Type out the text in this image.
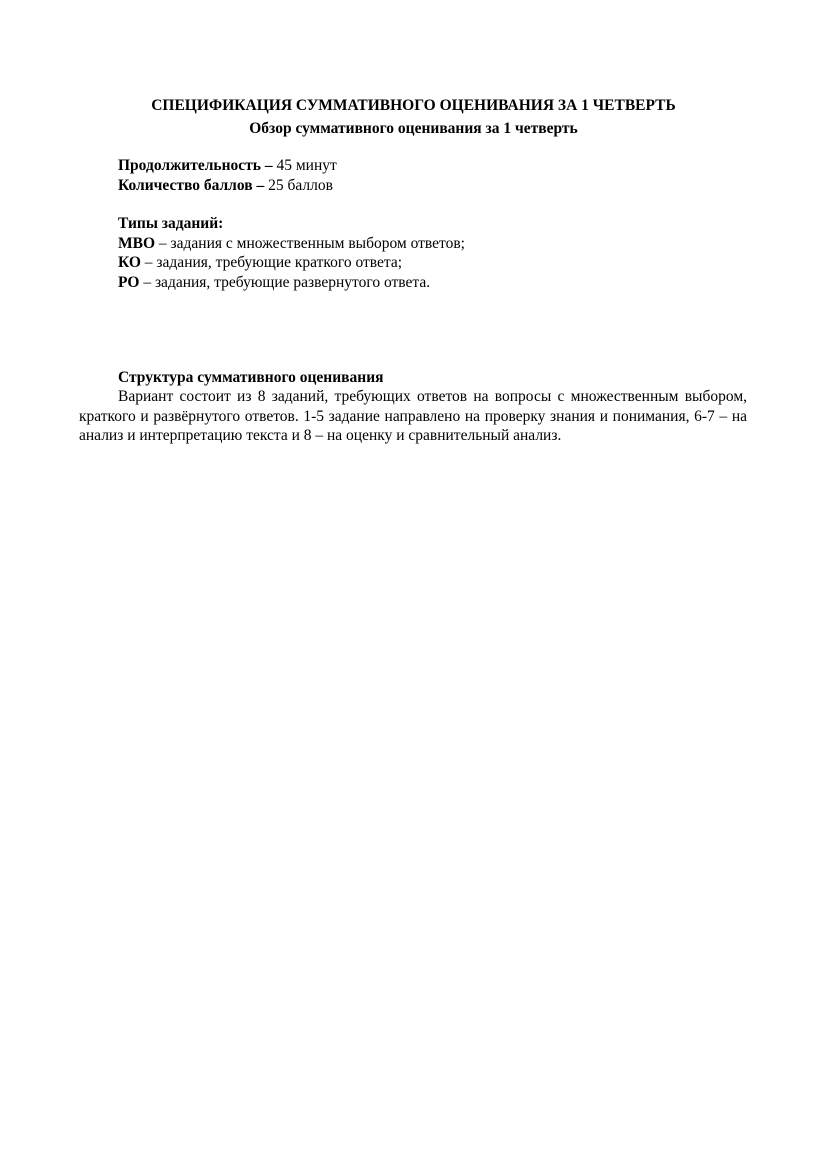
СПЕЦИФИКАЦИЯ СУММАТИВНОГО ОЦЕНИВАНИЯ ЗА 1 ЧЕТВЕРТЬ
Обзор суммативного оценивания за 1 четверть
Продолжительность – 45 минут
Количество баллов – 25 баллов
Типы заданий:
МВО – задания с множественным выбором ответов;
КО – задания, требующие краткого ответа;
РО – задания, требующие развернутого ответа.
Структура суммативного оценивания
Вариант состоит из 8 заданий, требующих ответов на вопросы с множественным выбором, краткого и развёрнутого ответов. 1-5 задание направлено на проверку знания и понимания, 6-7 – на анализ и интерпретацию текста и 8 – на оценку и сравнительный анализ.
